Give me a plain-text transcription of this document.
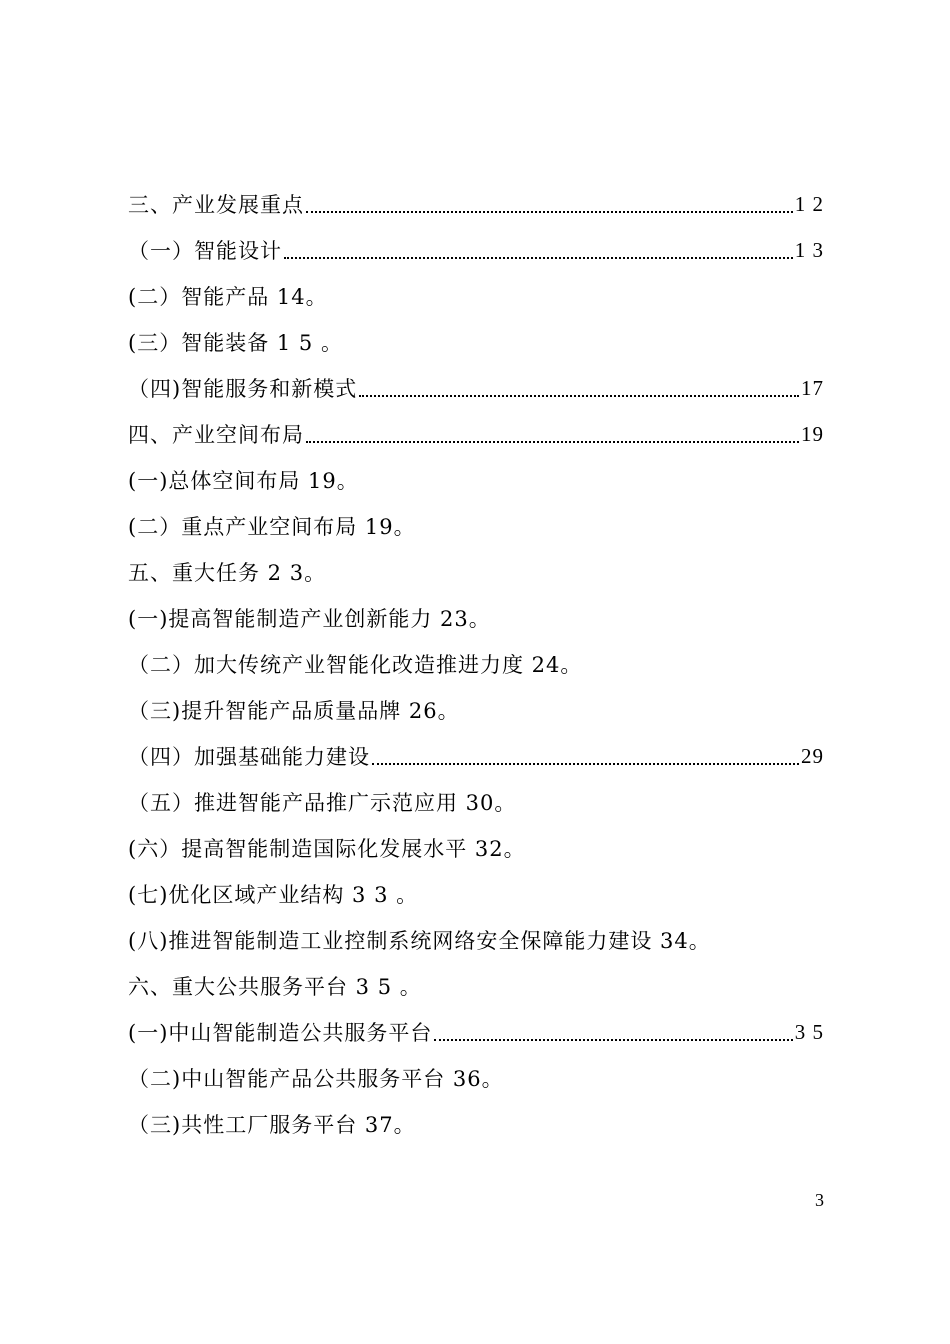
三、产业发展重点	1 2
（一）智能设计	1 3
(二）智能产品 14。
(三）智能装备 1 5 。
（四)智能服务和新模式	17
四、产业空间布局	19
(一)总体空间布局 19。
(二）重点产业空间布局 19。
五、重大任务 2 3。
(一)提高智能制造产业创新能力 23。
（二）加大传统产业智能化改造推进力度 24。
（三)提升智能产品质量品牌 26。
（四）加强基础能力建设	29
（五）推进智能产品推广示范应用 30。
(六）提高智能制造国际化发展水平 32。
(七)优化区域产业结构 3 3 。
(八)推进智能制造工业控制系统网络安全保障能力建设 34。
六、重大公共服务平台 3 5 。
(一)中山智能制造公共服务平台	3 5
（二)中山智能产品公共服务平台 36。
（三)共性工厂服务平台 37。
3
